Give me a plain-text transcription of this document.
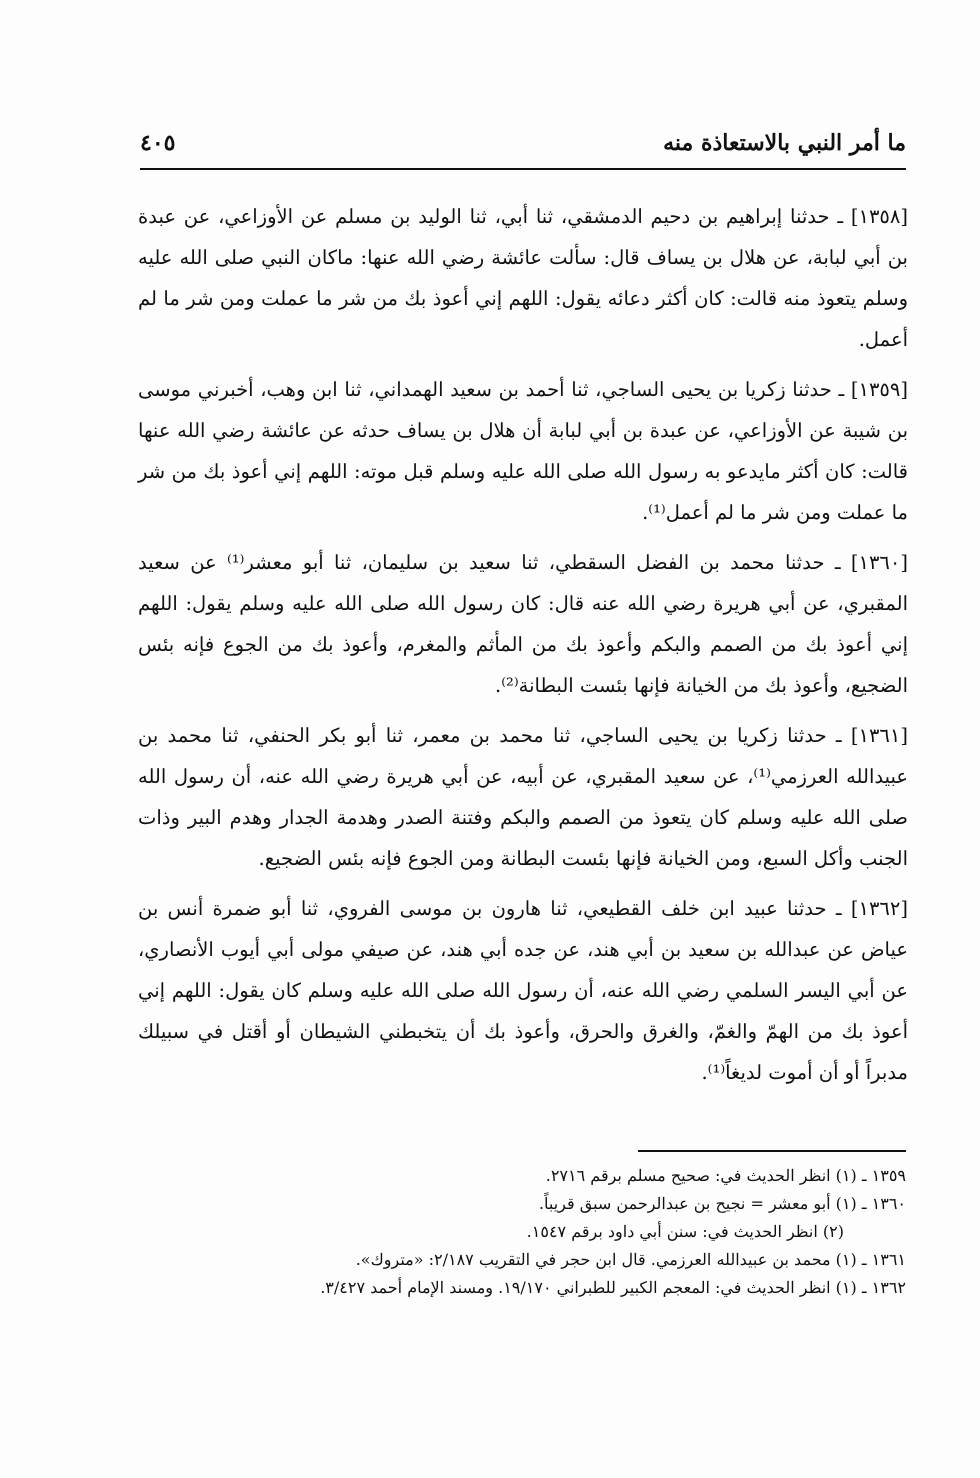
ما أمر النبي بالاستعاذة منه
٤٠٥

[١٣٥٨] ـ حدثنا إبراهيم بن دحيم الدمشقي، ثنا أبي، ثنا الوليد بن مسلم عن الأوزاعي، عن عبدة بن أبي لبابة، عن هلال بن يساف قال: سألت عائشة رضي الله عنها: ماكان النبي صلى الله عليه وسلم يتعوذ منه قالت: كان أكثر دعائه يقول: اللهم إني أعوذ بك من شر ما عملت ومن شر ما لم أعمل.

[١٣٥٩] ـ حدثنا زكريا بن يحيى الساجي، ثنا أحمد بن سعيد الهمداني، ثنا ابن وهب، أخبرني موسى بن شيبة عن الأوزاعي، عن عبدة بن أبي لبابة أن هلال بن يساف حدثه عن عائشة رضي الله عنها قالت: كان أكثر مايدعو به رسول الله صلى الله عليه وسلم قبل موته: اللهم إني أعوذ بك من شر ما عملت ومن شر ما لم أعمل⁽¹⁾.

[١٣٦٠] ـ حدثنا محمد بن الفضل السقطي، ثنا سعيد بن سليمان، ثنا أبو معشر⁽¹⁾ عن سعيد المقبري، عن أبي هريرة رضي الله عنه قال: كان رسول الله صلى الله عليه وسلم يقول: اللهم إني أعوذ بك من الصمم والبكم وأعوذ بك من المأثم والمغرم، وأعوذ بك من الجوع فإنه بئس الضجيع، وأعوذ بك من الخيانة فإنها بئست البطانة⁽²⁾.

[١٣٦١] ـ حدثنا زكريا بن يحيى الساجي، ثنا محمد بن معمر، ثنا أبو بكر الحنفي، ثنا محمد بن عبيدالله العرزمي⁽¹⁾، عن سعيد المقبري، عن أبيه، عن أبي هريرة رضي الله عنه، أن رسول الله صلى الله عليه وسلم كان يتعوذ من الصمم والبكم وفتنة الصدر وهدمة الجدار وهدم البير وذات الجنب وأكل السبع، ومن الخيانة فإنها بئست البطانة ومن الجوع فإنه بئس الضجيع.

[١٣٦٢] ـ حدثنا عبيد ابن خلف القطيعي، ثنا هارون بن موسى الفروي، ثنا أبو ضمرة أنس بن عياض عن عبدالله بن سعيد بن أبي هند، عن جده أبي هند، عن صيفي مولى أبي أيوب الأنصاري، عن أبي اليسر السلمي رضي الله عنه، أن رسول الله صلى الله عليه وسلم كان يقول: اللهم إني أعوذ بك من الهمّ والغمّ، والغرق والحرق، وأعوذ بك أن يتخبطني الشيطان أو أقتل في سبيلك مدبراً أو أن أموت لديغاً⁽¹⁾.

١٣٥٩ ـ (١) انظر الحديث في: صحيح مسلم برقم ٢٧١٦.
١٣٦٠ ـ (١) أبو معشر = نجيح بن عبدالرحمن سبق قريباً.
(٢) انظر الحديث في: سنن أبي داود برقم ١٥٤٧.
١٣٦١ ـ (١) محمد بن عبيدالله العرزمي. قال ابن حجر في التقريب ٢/١٨٧: «متروك».
١٣٦٢ ـ (١) انظر الحديث في: المعجم الكبير للطبراني ١٩/١٧٠. ومسند الإمام أحمد ٣/٤٢٧.
